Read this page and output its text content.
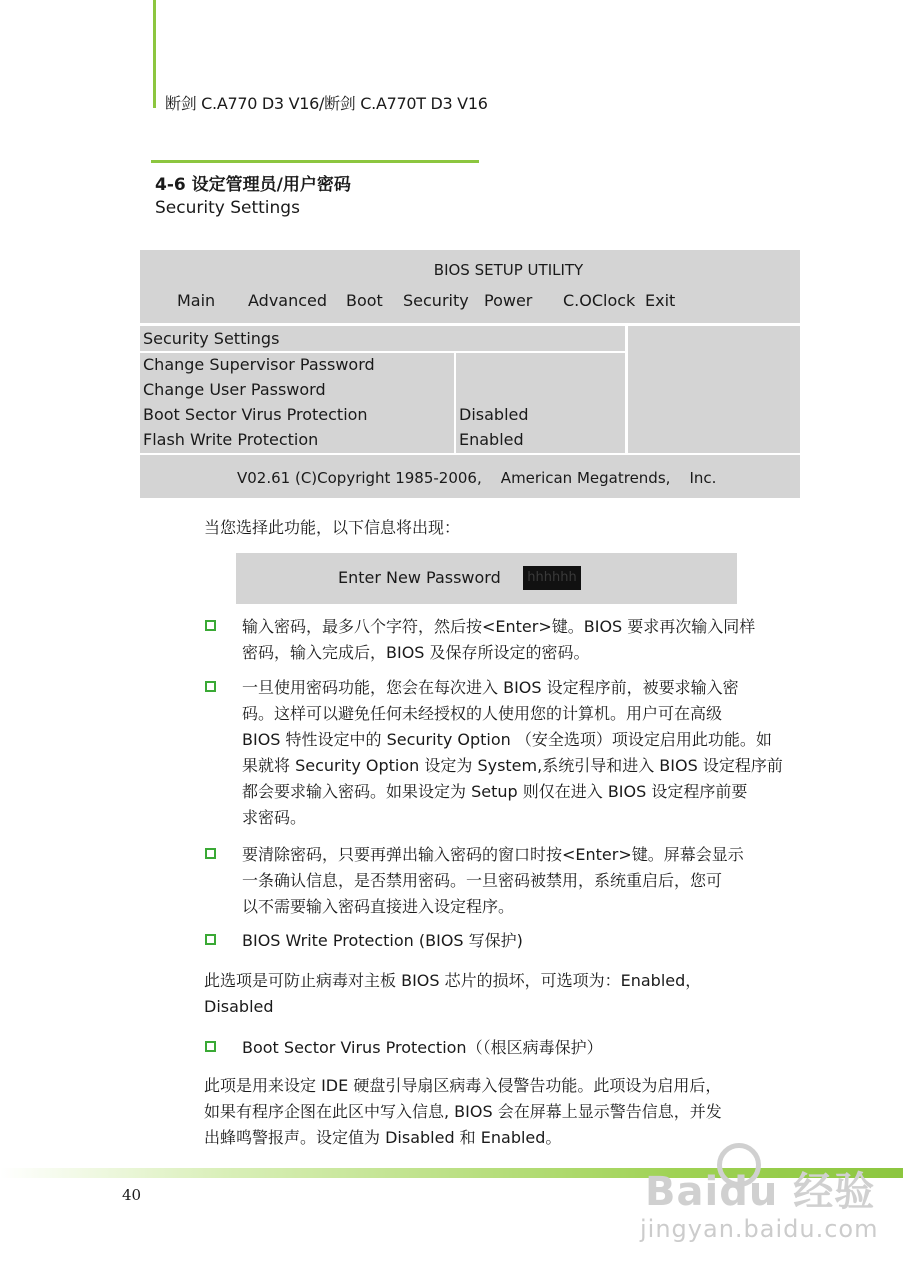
断剑 C.A770 D3 V16/断剑 C.A770T D3 V16
4-6 设定管理员/用户密码
Security Settings
BIOS SETUP UTILITY
Main Advanced Boot Security Power C.OClock Exit
Security Settings
Change Supervisor Password
Change User Password
Boot Sector Virus Protection
Flash Write Protection
Disabled
Enabled
V02.61 (C)Copyright 1985-2006,    American Megatrends,    Inc.
当您选择此功能，以下信息将出现：
Enter New Password	hhhhhh
输入密码，最多八个字符，然后按<Enter>键。BIOS 要求再次输入同样
密码，输入完成后，BIOS 及保存所设定的密码。
一旦使用密码功能，您会在每次进入 BIOS 设定程序前，被要求输入密
码。这样可以避免任何未经授权的人使用您的计算机。用户可在高级
BIOS 特性设定中的 Security Option （安全选项）项设定启用此功能。如
果就将 Security Option 设定为 System,系统引导和进入 BIOS 设定程序前
都会要求输入密码。如果设定为 Setup 则仅在进入 BIOS 设定程序前要
求密码。
要清除密码，只要再弹出输入密码的窗口时按<Enter>键。屏幕会显示
一条确认信息，是否禁用密码。一旦密码被禁用，系统重启后，您可
以不需要输入密码直接进入设定程序。
BIOS Write Protection (BIOS 写保护)
此选项是可防止病毒对主板 BIOS 芯片的损坏，可选项为：Enabled，
Disabled
Boot Sector Virus Protection（（根区病毒保护）
此项是用来设定 IDE 硬盘引导扇区病毒入侵警告功能。此项设为启用后，
如果有程序企图在此区中写入信息, BIOS 会在屏幕上显示警告信息，并发
出蜂鸣警报声。设定值为 Disabled 和 Enabled。
40	Baidu 经验
jingyan.baidu.com
